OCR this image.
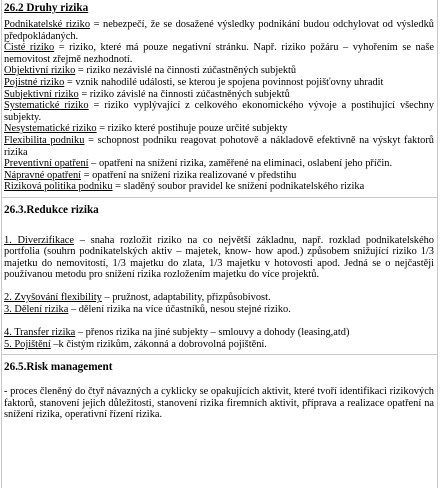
26.2 Druhy rizika

Podnikatelské riziko = nebezpečí, že se dosažené výsledky podnikání budou odchylovat od výsledků předpokládaných.

Čisté riziko = riziko, které má pouze negativní stránku. Např. riziko požáru – vyhořením se naše nemovitost zřejmě nezhodnotí.

Objektivní riziko = riziko nezávislé na činnosti zúčastněných subjektů

Pojistné riziko = vznik nahodilé události, se kterou je spojena povinnost pojišťovny uhradit

Subjektivní riziko = riziko závislé na činnosti zúčastněných subjektů

Systematické riziko = riziko vyplývající z celkového ekonomického vývoje a postihující všechny subjekty.

Nesystematické riziko = riziko které postihuje pouze určité subjekty

Flexibilita podniku = schopnost podniku reagovat pohotově a nákladově efektivně na výskyt faktorů rizika

Preventivní opatření – opatření na snížení rizika, zaměřené na eliminaci, oslabení jeho příčin.

Nápravné opatření = opatření na snížení rizika realizované v předstihu

Riziková politika podniku = sladěný soubor pravidel ke snížení podnikatelského rizika

26.3.Redukce rizika

1. Diverzifikace – snaha rozložit riziko na co největší základnu, např. rozklad podnikatelského portfolia (souhrn podnikatelských aktiv – majetek, know- how apod.) způsobem snižující riziko 1/3 majetku do nemovitostí, 1/3 majetku do zlata, 1/3 majetku v hotovosti apod. Jedná se o nejčastěji používanou metodu pro snížení rizika rozložením majetku do více projektů.

2. Zvyšování flexibility – pružnost, adaptability, přizpůsobivost.

3. Dělení rizika – dělení rizika na více účastníků, nesou stejné riziko.

4. Transfer rizika – přenos rizika na jiné subjekty – smlouvy a dohody (leasing,atd)

5. Pojištění –k čistým rizikům, zákonná a dobrovolná pojištění.

26.5.Risk management

- proces členěný do čtyř návazných a cyklicky se opakujících aktivit, které tvoří identifikaci rizikových faktorů, stanovení jejich důležitosti, stanovení rizika firemních aktivit, příprava a realizace opatření na snížení rizika, operativní řízení rizika.
